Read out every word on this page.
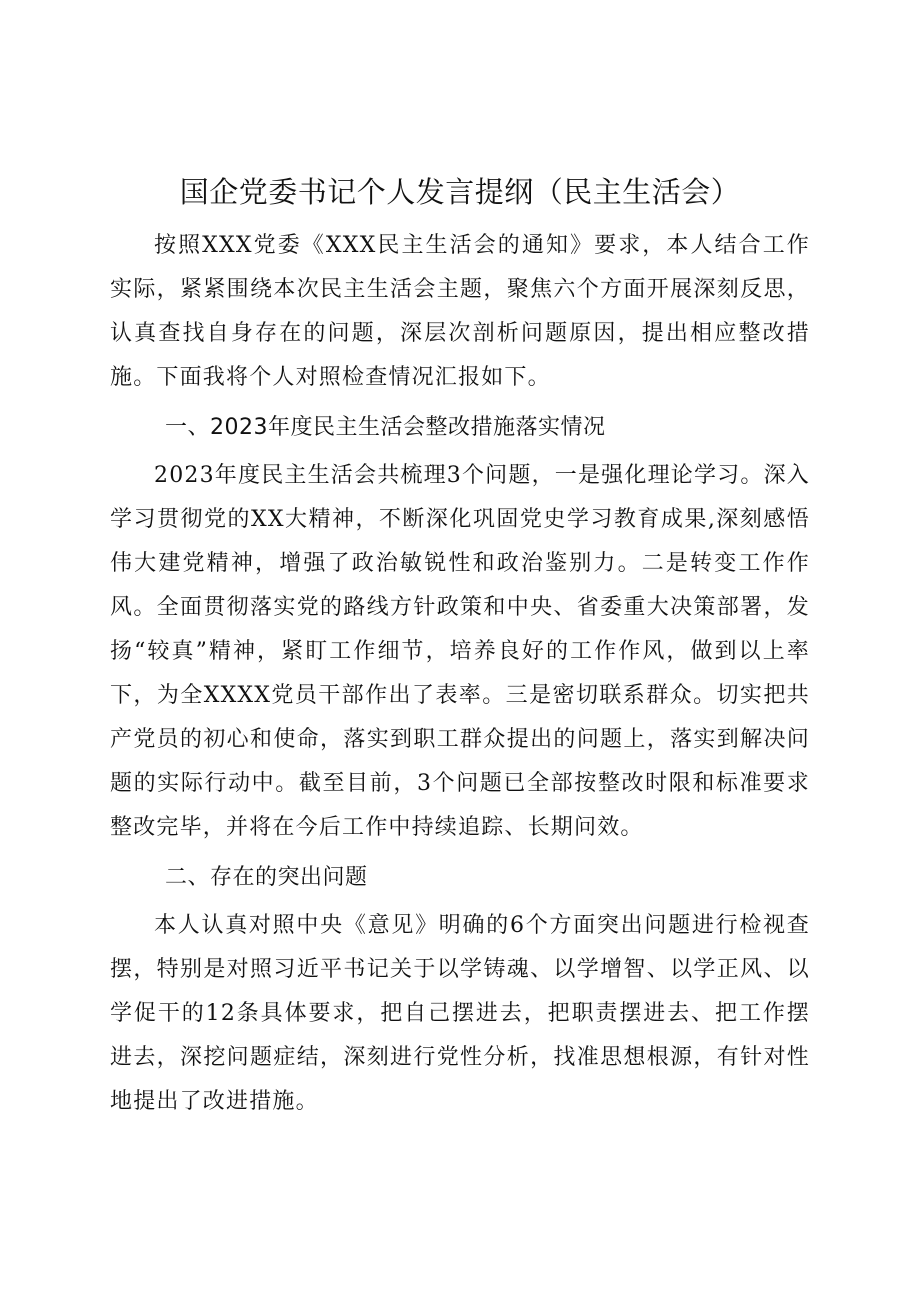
国企党委书记个人发言提纲（民主生活会）

按照XXX党委《XXX民主生活会的通知》要求，本人结合工作实际，紧紧围绕本次民主生活会主题，聚焦六个方面开展深刻反思，认真查找自身存在的问题，深层次剖析问题原因，提出相应整改措施。下面我将个人对照检查情况汇报如下。

一、2023年度民主生活会整改措施落实情况

2023年度民主生活会共梳理3个问题，一是强化理论学习。深入学习贯彻党的XX大精神，不断深化巩固党史学习教育成果,深刻感悟伟大建党精神，增强了政治敏锐性和政治鉴别力。二是转变工作作风。全面贯彻落实党的路线方针政策和中央、省委重大决策部署，发扬“较真”精神，紧盯工作细节，培养良好的工作作风，做到以上率下，为全XXXX党员干部作出了表率。三是密切联系群众。切实把共产党员的初心和使命，落实到职工群众提出的问题上，落实到解决问题的实际行动中。截至目前，3个问题已全部按整改时限和标准要求整改完毕，并将在今后工作中持续追踪、长期问效。

二、存在的突出问题

本人认真对照中央《意见》明确的6个方面突出问题进行检视查摆，特别是对照习近平书记关于以学铸魂、以学增智、以学正风、以学促干的12条具体要求，把自己摆进去，把职责摆进去、把工作摆进去，深挖问题症结，深刻进行党性分析，找准思想根源，有针对性地提出了改进措施。
